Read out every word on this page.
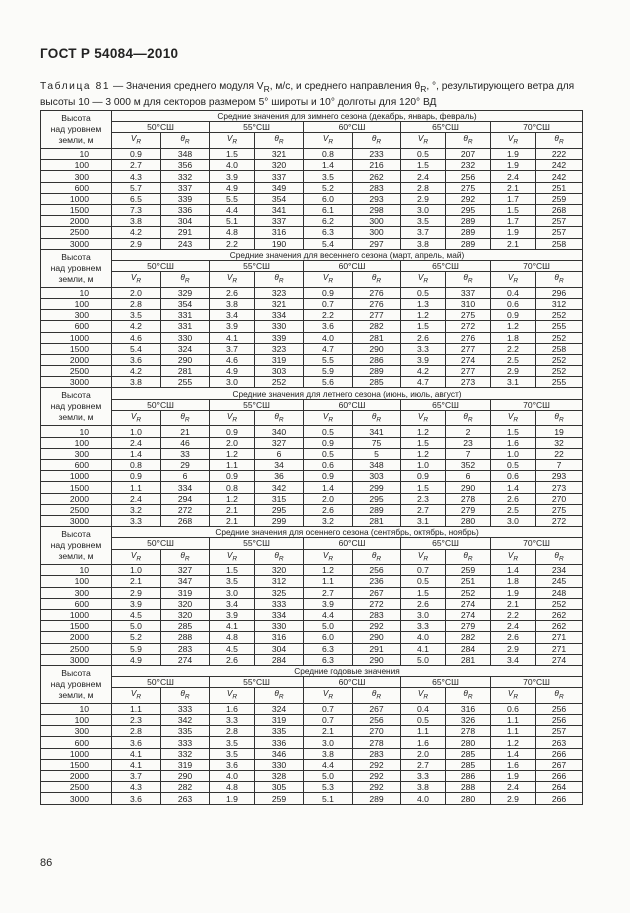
ГОСТ Р 54084—2010
Таблица 81 — Значения среднего модуля $V_R$, м/с, и среднего направления $\theta_R$, °, результирующего ветра для
высоты 10 — 3 000 м для секторов размером 5° широты и 10° долготы для 120° ВД
Высота
над уровнем
земли, м	Средние значения для зимнего сезона (декабрь, январь, февраль)									
	50°СШ		55°СШ		60°СШ		65°СШ		70°СШ	
	$V_R$	$\theta_R$	$V_R$	$\theta_R$	$V_R$	$\theta_R$	$V_R$	$\theta_R$	$V_R$	$\theta_R$
10	0.9	348	1.5	321	0.8	233	0.5	207	1.9	222
100	2.7	356	4.0	320	1.4	216	1.5	232	1.9	242
300	4.3	332	3.9	337	3.5	262	2.4	256	2.4	242
600	5.7	337	4.9	349	5.2	283	2.8	275	2.1	251
1000	6.5	339	5.5	354	6.0	293	2.9	292	1.7	259
1500	7.3	336	4.4	341	6.1	298	3.0	295	1.5	268
2000	3.8	304	5.1	337	6.2	300	3.5	289	1.7	257
2500	4.2	291	4.8	316	6.3	300	3.7	289	1.9	257
3000	2.9	243	2.2	190	5.4	297	3.8	289	2.1	258
Высота
над уровнем
земли, м	Средние значения для весеннего сезона (март, апрель, май)									
	50°СШ		55°СШ		60°СШ		65°СШ		70°СШ	
	$V_R$	$\theta_R$	$V_R$	$\theta_R$	$V_R$	$\theta_R$	$V_R$	$\theta_R$	$V_R$	$\theta_R$
10	2.0	329	2.6	323	0.9	276	0.5	337	0.4	296
100	2.8	354	3.8	321	0.7	276	1.3	310	0.6	312
300	3.5	331	3.4	334	2.2	277	1.2	275	0.9	252
600	4.2	331	3.9	330	3.6	282	1.5	272	1.2	255
1000	4.6	330	4.1	339	4.0	281	2.6	276	1.8	252
1500	5.4	324	3.7	323	4.7	290	3.3	277	2.2	258
2000	3.6	290	4.6	319	5.5	286	3.9	274	2.5	252
2500	4.2	281	4.9	303	5.9	289	4.2	277	2.9	252
3000	3.8	255	3.0	252	5.6	285	4.7	273	3.1	255
Высота
над уровнем
земли, м	Средние значения для летнего сезона (июнь, июль, август)									
	50°СШ		55°СШ		60°СШ		65°СШ		70°СШ	
	$V_R$	$\theta_R$	$V_R$	$\theta_R$	$V_R$	$\theta_R$	$V_R$	$\theta_R$	$V_R$	$\theta_R$
10	1.0	21	0.9	340	0.5	341	1.2	2	1.5	19
100	2.4	46	2.0	327	0.9	75	1.5	23	1.6	32
300	1.4	33	1.2	6	0.5	5	1.2	7	1.0	22
600	0.8	29	1.1	34	0.6	348	1.0	352	0.5	7
1000	0.9	6	0.9	36	0.9	303	0.9	6	0.6	293
1500	1.1	334	0.8	342	1.4	299	1.5	290	1.4	273
2000	2.4	294	1.2	315	2.0	295	2.3	278	2.6	270
2500	3.2	272	2.1	295	2.6	289	2.7	279	2.5	275
3000	3.3	268	2.1	299	3.2	281	3.1	280	3.0	272
Высота
над уровнем
земли, м	Средние значения для осеннего сезона (сентябрь, октябрь, ноябрь)									
	50°СШ		55°СШ		60°СШ		65°СШ		70°СШ	
	$V_R$	$\theta_R$	$V_R$	$\theta_R$	$V_R$	$\theta_R$	$V_R$	$\theta_R$	$V_R$	$\theta_R$
10	1.0	327	1.5	320	1.2	256	0.7	259	1.4	234
100	2.1	347	3.5	312	1.1	236	0.5	251	1.8	245
300	2.9	319	3.0	325	2.7	267	1.5	252	1.9	248
600	3.9	320	3.4	333	3.9	272	2.6	274	2.1	252
1000	4.5	320	3.9	334	4.4	283	3.0	274	2.2	262
1500	5.0	285	4.1	330	5.0	292	3.3	279	2.4	262
2000	5.2	288	4.8	316	6.0	290	4.0	282	2.6	271
2500	5.9	283	4.5	304	6.3	291	4.1	284	2.9	271
3000	4.9	274	2.6	284	6.3	290	5.0	281	3.4	274
Высота
над уровнем
земли, м	Средние годовые значения									
	50°СШ		55°СШ		60°СШ		65°СШ		70°СШ	
	$V_R$	$\theta_R$	$V_R$	$\theta_R$	$V_R$	$\theta_R$	$V_R$	$\theta_R$	$V_R$	$\theta_R$
10	1.1	333	1.6	324	0.7	267	0.4	316	0.6	256
100	2.3	342	3.3	319	0.7	256	0.5	326	1.1	256
300	2.8	335	2.8	335	2.1	270	1.1	278	1.1	257
600	3.6	333	3.5	336	3.0	278	1.6	280	1.2	263
1000	4.1	332	3.5	346	3.8	283	2.0	285	1.4	266
1500	4.1	319	3.6	330	4.4	292	2.7	285	1.6	267
2000	3.7	290	4.0	328	5.0	292	3.3	286	1.9	266
2500	4.3	282	4.8	305	5.3	292	3.8	288	2.4	264
3000	3.6	263	1.9	259	5.1	289	4.0	280	2.9	266
86
